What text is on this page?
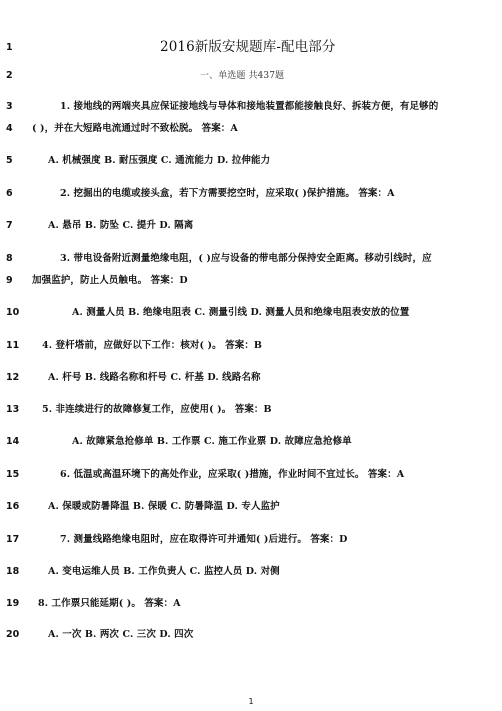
1	2016新版安规题库-配电部分
2	一、单选题 共437题
3	1. 接地线的两端夹具应保证接地线与导体和接地装置都能接触良好、拆装方便，有足够的
4	( )，并在大短路电流通过时不致松脱。 答案：A
5	A. 机械强度 B. 耐压强度 C. 通流能力 D. 拉伸能力
6	2. 挖掘出的电缆或接头盒，若下方需要挖空时，应采取( )保护措施。 答案：A
7	A. 悬吊 B. 防坠 C. 提升 D. 隔离
8	3. 带电设备附近测量绝缘电阻，( )应与设备的带电部分保持安全距离。移动引线时，应
9	加强监护，防止人员触电。 答案：D
10	A. 测量人员 B. 绝缘电阻表 C. 测量引线 D. 测量人员和绝缘电阻表安放的位置
11	4. 登杆塔前，应做好以下工作：核对( )。 答案：B
12	A. 杆号 B. 线路名称和杆号 C. 杆基 D. 线路名称
13	5. 非连续进行的故障修复工作，应使用( )。 答案：B
14	A. 故障紧急抢修单 B. 工作票 C. 施工作业票 D. 故障应急抢修单
15	6. 低温或高温环境下的高处作业，应采取( )措施，作业时间不宜过长。 答案：A
16	A. 保暖或防暑降温 B. 保暖 C. 防暑降温 D. 专人监护
17	7. 测量线路绝缘电阻时，应在取得许可并通知( )后进行。 答案：D
18	A. 变电运维人员 B. 工作负责人 C. 监控人员 D. 对侧
19	8. 工作票只能延期( )。 答案：A
20	A. 一次 B. 两次 C. 三次 D. 四次
1
